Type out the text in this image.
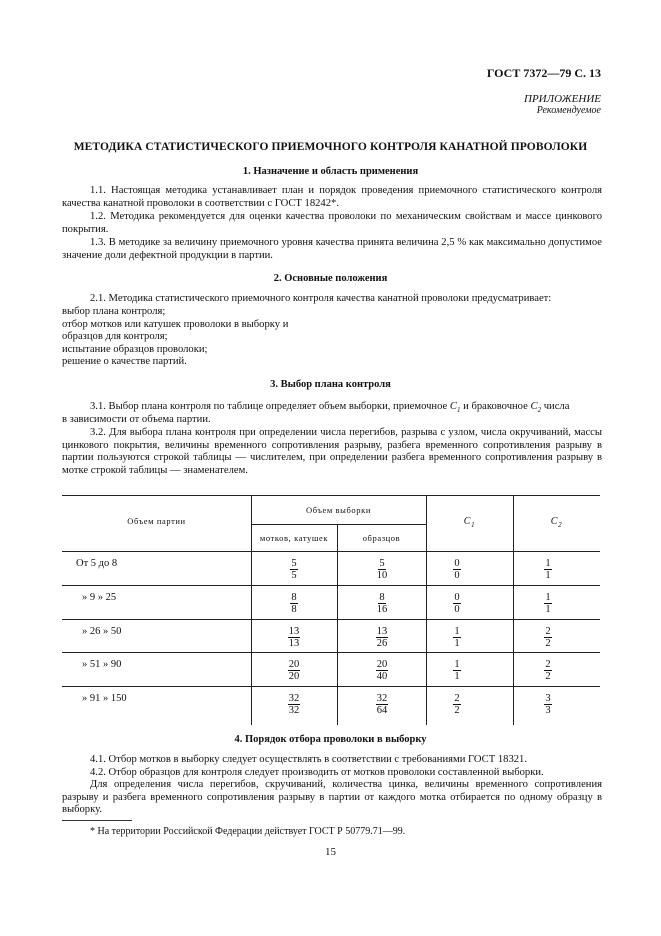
ГОСТ 7372—79 С. 13
ПРИЛОЖЕНИЕ
Рекомендуемое
МЕТОДИКА СТАТИСТИЧЕСКОГО ПРИЕМОЧНОГО КОНТРОЛЯ КАНАТНОЙ ПРОВОЛОКИ
1. Назначение и область применения
1.1. Настоящая методика устанавливает план и порядок проведения приемочного статистического контроля качества канатной проволоки в соответствии с ГОСТ 18242*.
1.2. Методика рекомендуется для оценки качества проволоки по механическим свойствам и массе цинкового покрытия.
1.3. В методике за величину приемочного уровня качества принята величина 2,5 % как максимально допустимое значение доли дефектной продукции в партии.
2. Основные положения
2.1. Методика статистического приемочного контроля качества канатной проволоки предусматривает:
выбор плана контроля;
отбор мотков или катушек проволоки в выборку и
образцов для контроля;
испытание образцов проволоки;
решение о качестве партий.
3. Выбор плана контроля
3.1. Выбор плана контроля по таблице определяет объем выборки, приемочное $C_1$ и браковочное $C_2$ числа
в зависимости от объема партии.
3.2. Для выбора плана контроля при определении числа перегибов, разрыва с узлом, числа окручиваний, массы цинкового покрытия, величины временного сопротивления разрыву, разбега временного сопротивления разрыву в партии пользуются строкой таблицы — числителем, при определении разбега временного сопротивления разрыву в мотке строкой таблицы — знаменателем.
Объем партии
Объем выборки
мотков, катушек	образцов
$C_1$	$C_2$
От 5 до 8	$\frac{5}{5}$	$\frac{5}{10}$	$\frac{0}{0}$	$\frac{1}{1}$
» 9 » 25	$\frac{8}{8}$	$\frac{8}{16}$	$\frac{0}{0}$	$\frac{1}{1}$
» 26 » 50	$\frac{13}{13}$	$\frac{13}{26}$	$\frac{1}{1}$	$\frac{2}{2}$
» 51 » 90	$\frac{20}{20}$	$\frac{20}{40}$	$\frac{1}{1}$	$\frac{2}{2}$
» 91 » 150	$\frac{32}{32}$	$\frac{32}{64}$	$\frac{2}{2}$	$\frac{3}{3}$
4. Порядок отбора проволоки в выборку
4.1. Отбор мотков в выборку следует осуществлять в соответствии с требованиями ГОСТ 18321.
4.2. Отбор образцов для контроля следует производить от мотков проволоки составленной выборки.
Для определения числа перегибов, скручиваний, количества цинка, величины временного сопротивления разрыву и разбега временного сопротивления разрыву в партии от каждого мотка отбирается по одному образцу в выборку.
* На территории Российской Федерации действует ГОСТ Р 50779.71—99.
15
